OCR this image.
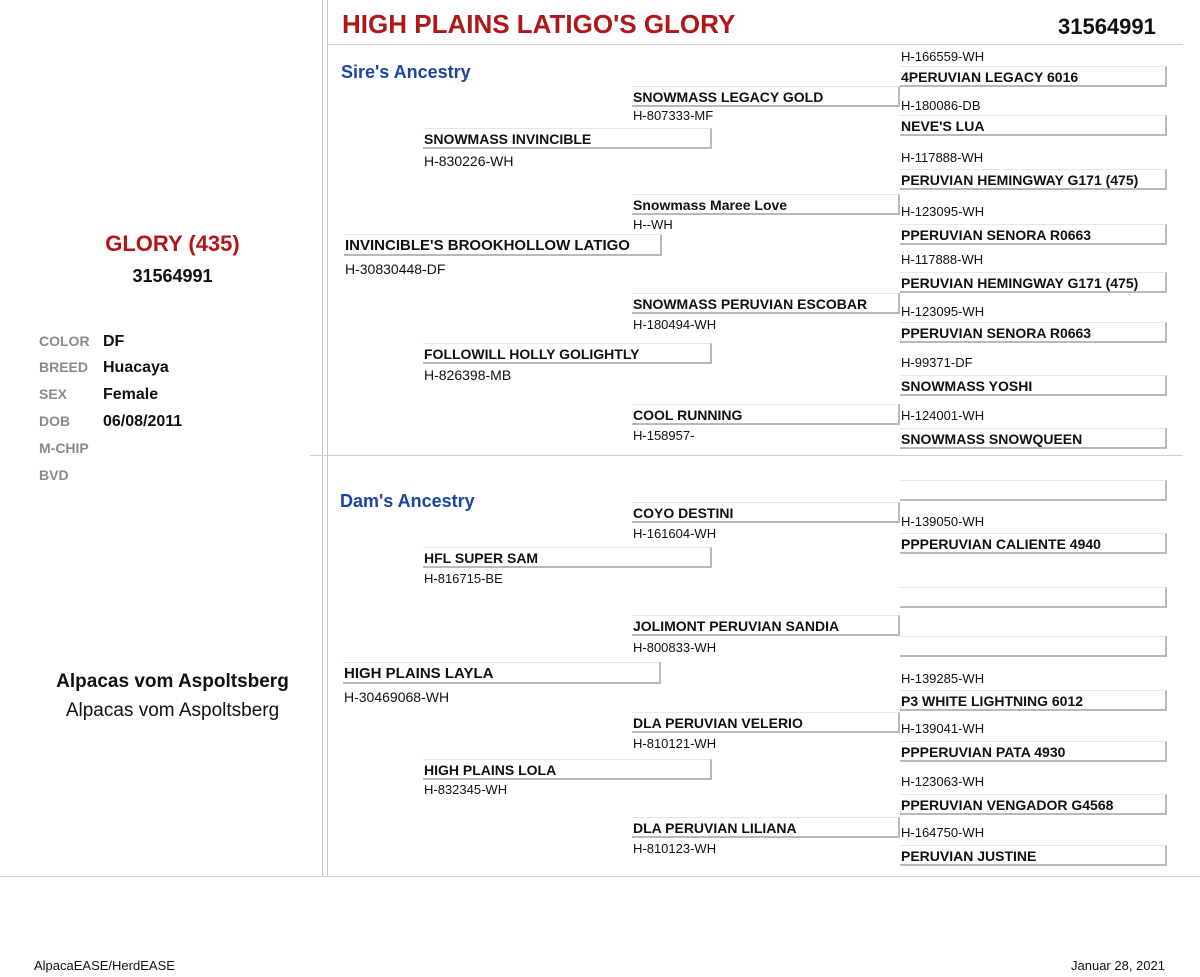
HIGH PLAINS LATIGO'S GLORY	31564991
GLORY (435)
31564991
COLOR DF
BREED Huacaya
SEX Female
DOB 06/08/2011
M-CHIP
BVD
Alpacas vom Aspoltsberg
Alpacas vom Aspoltsberg
Sire's Ancestry
Dam's Ancestry
INVINCIBLE'S BROOKHOLLOW LATIGO
H-30830448-DF
SNOWMASS INVINCIBLE
H-830226-WH
FOLLOWILL HOLLY GOLIGHTLY
H-826398-MB
SNOWMASS LEGACY GOLD
H-807333-MF
Snowmass Maree Love
H--WH
SNOWMASS PERUVIAN ESCOBAR
H-180494-WH
COOL RUNNING
H-158957-
H-166559-WH
4PERUVIAN LEGACY 6016
H-180086-DB
NEVE'S LUA
H-117888-WH
PERUVIAN HEMINGWAY G171 (475)
H-123095-WH
PPERUVIAN SENORA R0663
H-117888-WH
PERUVIAN HEMINGWAY G171 (475)
H-123095-WH
PPERUVIAN SENORA R0663
H-99371-DF
SNOWMASS YOSHI
H-124001-WH
SNOWMASS SNOWQUEEN
HIGH PLAINS LAYLA
H-30469068-WH
HFL SUPER SAM
H-816715-BE
HIGH PLAINS LOLA
H-832345-WH
COYO DESTINI
H-161604-WH
JOLIMONT PERUVIAN SANDIA
H-800833-WH
DLA PERUVIAN VELERIO
H-810121-WH
DLA PERUVIAN LILIANA
H-810123-WH
H-139050-WH
PPPERUVIAN CALIENTE 4940
H-139285-WH
P3 WHITE LIGHTNING 6012
H-139041-WH
PPPERUVIAN PATA 4930
H-123063-WH
PPERUVIAN VENGADOR G4568
H-164750-WH
PERUVIAN JUSTINE
AlpacaEASE/HerdEASE	Januar 28, 2021
